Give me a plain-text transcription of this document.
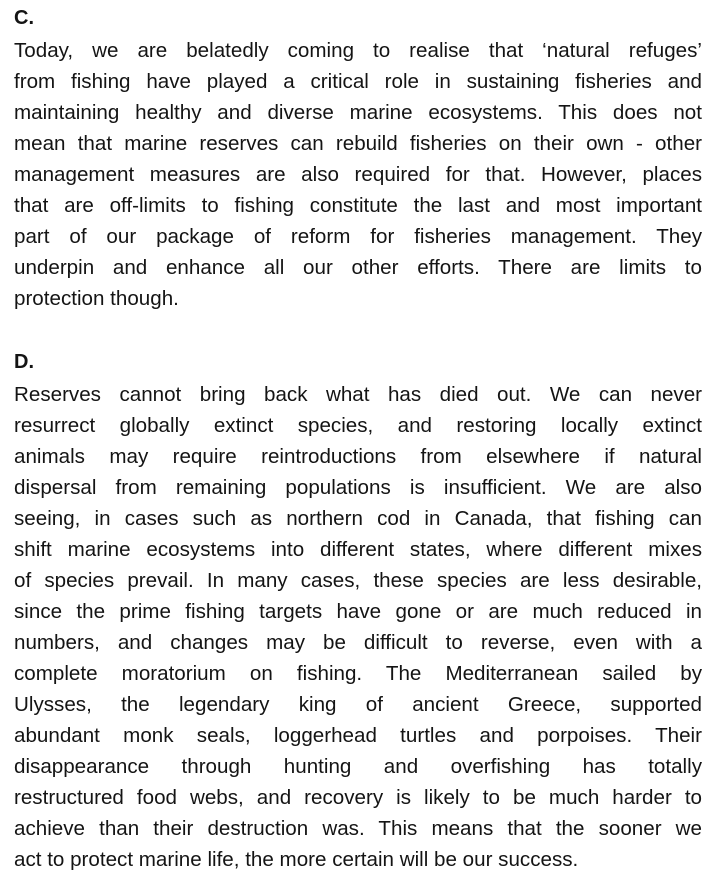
C.
Today, we are belatedly coming to realise that ‘natural refuges’
from fishing have played a critical role in sustaining fisheries and
maintaining healthy and diverse marine ecosystems. This does not
mean that marine reserves can rebuild fisheries on their own - other
management measures are also required for that. However, places
that are off-limits to fishing constitute the last and most important
part of our package of reform for fisheries management. They
underpin and enhance all our other efforts. There are limits to
protection though.
D.
Reserves cannot bring back what has died out. We can never
resurrect globally extinct species, and restoring locally extinct
animals may require reintroductions from elsewhere if natural
dispersal from remaining populations is insufficient. We are also
seeing, in cases such as northern cod in Canada, that fishing can
shift marine ecosystems into different states, where different mixes
of species prevail. In many cases, these species are less desirable,
since the prime fishing targets have gone or are much reduced in
numbers, and changes may be difficult to reverse, even with a
complete moratorium on fishing. The Mediterranean sailed by
Ulysses, the legendary king of ancient Greece, supported
abundant monk seals, loggerhead turtles and porpoises. Their
disappearance through hunting and overfishing has totally
restructured food webs, and recovery is likely to be much harder to
achieve than their destruction was. This means that the sooner we
act to protect marine life, the more certain will be our success.
